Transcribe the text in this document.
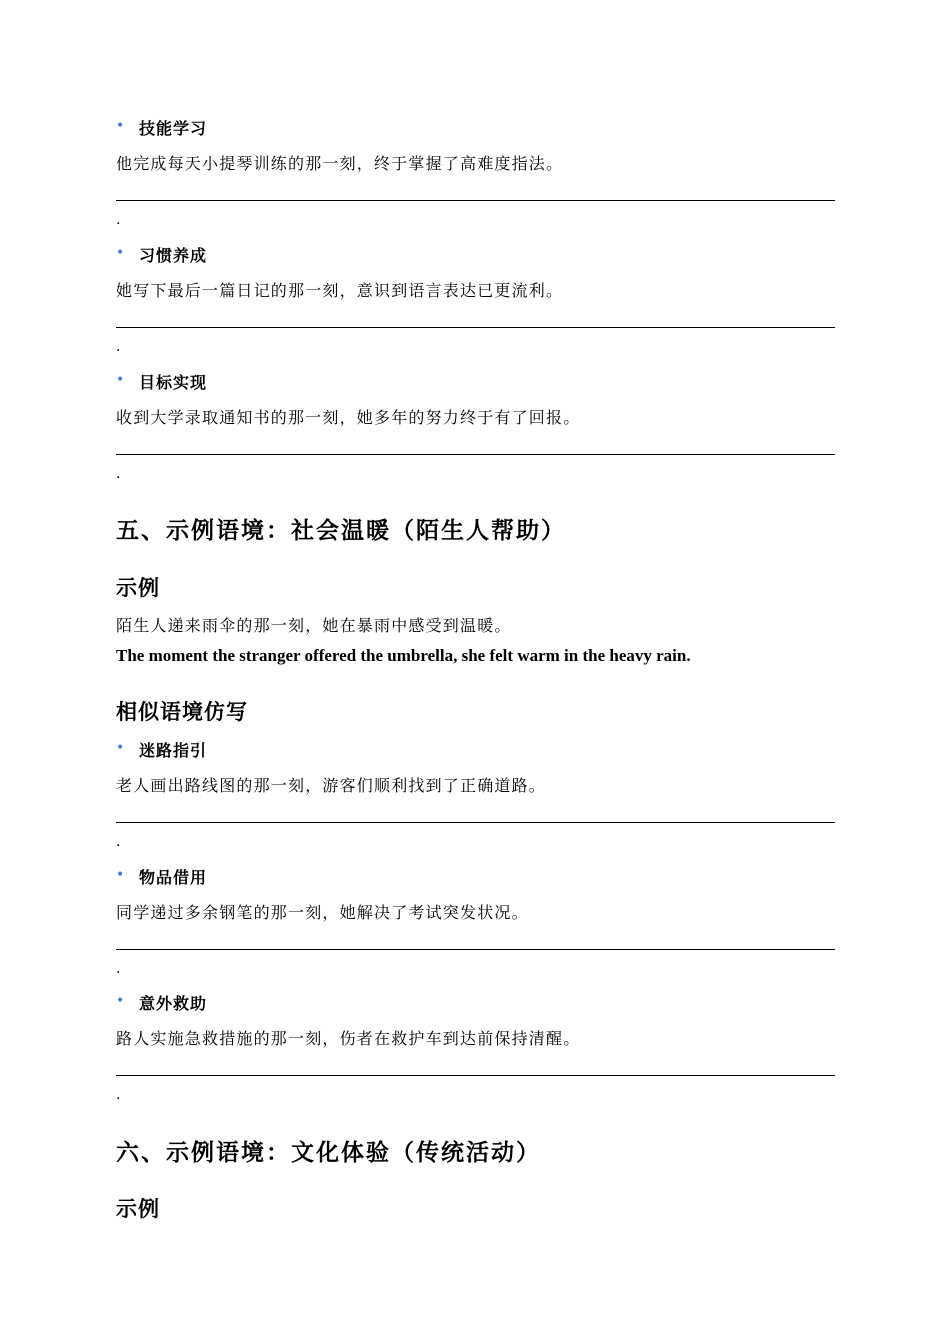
• 技能学习
他完成每天小提琴训练的那一刻，终于掌握了高难度指法。
.
• 习惯养成
她写下最后一篇日记的那一刻，意识到语言表达已更流利。
.
• 目标实现
收到大学录取通知书的那一刻，她多年的努力终于有了回报。
.
五、示例语境：社会温暖（陌生人帮助）
示例
陌生人递来雨伞的那一刻，她在暴雨中感受到温暖。
The moment the stranger offered the umbrella, she felt warm in the heavy rain.
相似语境仿写
• 迷路指引
老人画出路线图的那一刻，游客们顺利找到了正确道路。
.
• 物品借用
同学递过多余钢笔的那一刻，她解决了考试突发状况。
.
• 意外救助
路人实施急救措施的那一刻，伤者在救护车到达前保持清醒。
.
六、示例语境：文化体验（传统活动）
示例
